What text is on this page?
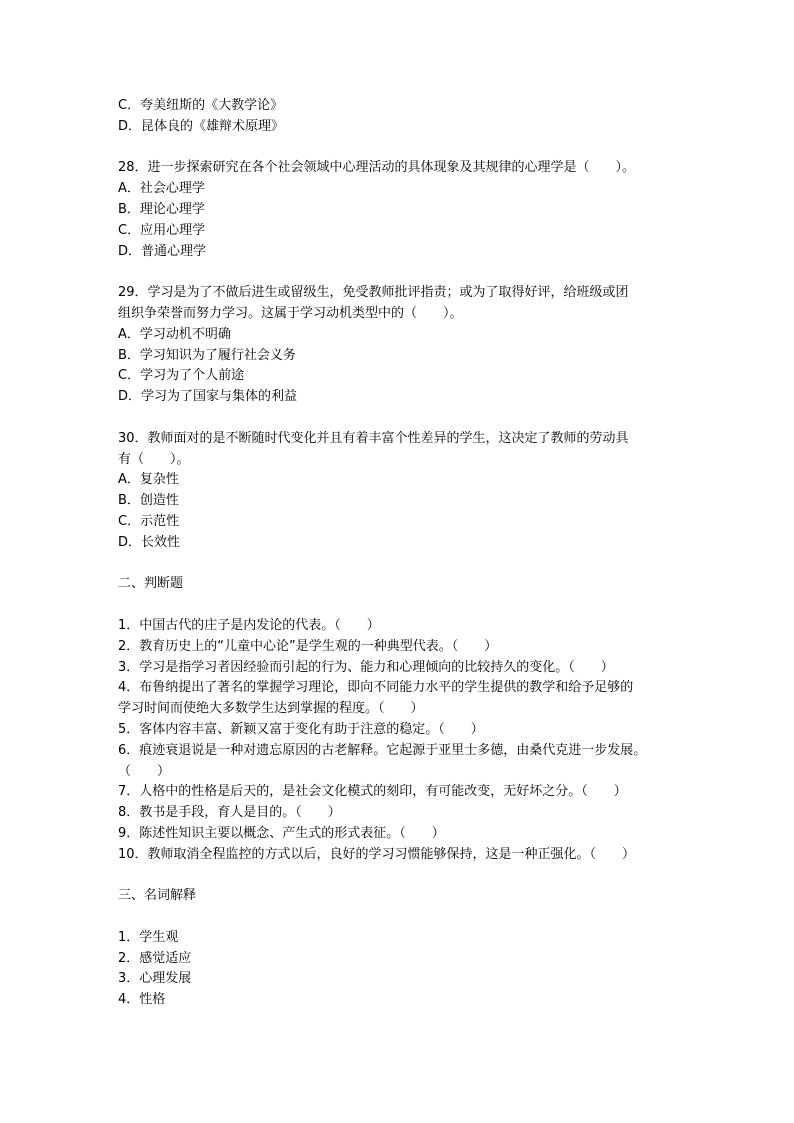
C．夸美纽斯的《大教学论》

D．昆体良的《雄辩术原理》

28．进一步探索研究在各个社会领域中心理活动的具体现象及其规律的心理学是（　　）。

A．社会心理学

B．理论心理学

C．应用心理学

D．普通心理学

29．学习是为了不做后进生或留级生，免受教师批评指责；或为了取得好评，给班级或团

组织争荣誉而努力学习。这属于学习动机类型中的（　　）。

A．学习动机不明确

B．学习知识为了履行社会义务

C．学习为了个人前途

D．学习为了国家与集体的利益

30．教师面对的是不断随时代变化并且有着丰富个性差异的学生，这决定了教师的劳动具

有（　　）。

A．复杂性

B．创造性

C．示范性

D．长效性

二、判断题

1．中国古代的庄子是内发论的代表。（　　）

2．教育历史上的“儿童中心论”是学生观的一种典型代表。（　　）

3．学习是指学习者因经验而引起的行为、能力和心理倾向的比较持久的变化。（　　）

4．布鲁纳提出了著名的掌握学习理论，即向不同能力水平的学生提供的教学和给予足够的

学习时间而使绝大多数学生达到掌握的程度。（　　）

5．客体内容丰富、新颖又富于变化有助于注意的稳定。（　　）

6．痕迹衰退说是一种对遗忘原因的古老解释。它起源于亚里士多德，由桑代克进一步发展。

（　　）

7．人格中的性格是后天的，是社会文化模式的刻印，有可能改变，无好坏之分。（　　）

8．教书是手段，育人是目的。（　　）

9．陈述性知识主要以概念、产生式的形式表征。（　　）

10．教师取消全程监控的方式以后，良好的学习习惯能够保持，这是一种正强化。（　　）

三、名词解释

1．学生观

2．感觉适应

3．心理发展

4．性格
